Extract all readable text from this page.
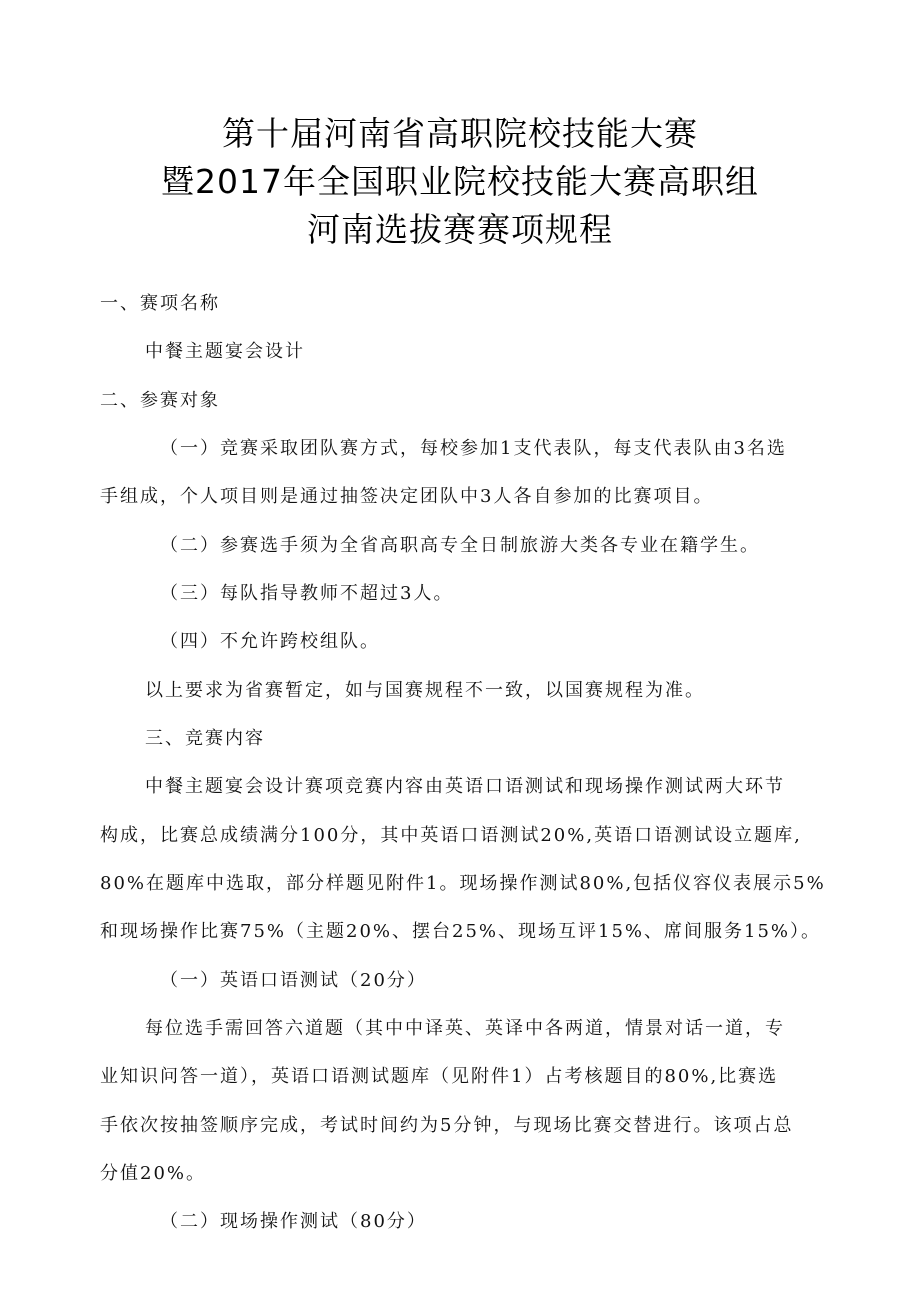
第十届河南省高职院校技能大赛
暨2017年全国职业院校技能大赛高职组
河南选拔赛赛项规程

一、赛项名称

中餐主题宴会设计

二、参赛对象

（一）竞赛采取团队赛方式，每校参加1支代表队，每支代表队由3名选

手组成，个人项目则是通过抽签决定团队中3人各自参加的比赛项目。

（二）参赛选手须为全省高职高专全日制旅游大类各专业在籍学生。

（三）每队指导教师不超过3人。

（四）不允许跨校组队。

以上要求为省赛暂定，如与国赛规程不一致，以国赛规程为准。

三、竞赛内容

中餐主题宴会设计赛项竞赛内容由英语口语测试和现场操作测试两大环节

构成，比赛总成绩满分100分，其中英语口语测试20%,英语口语测试设立题库,

80%在题库中选取，部分样题见附件1。现场操作测试80%,包括仪容仪表展示5%

和现场操作比赛75%（主题20%、摆台25%、现场互评15%、席间服务15%）。

（一）英语口语测试（20分）

每位选手需回答六道题（其中中译英、英译中各两道，情景对话一道，专

业知识问答一道），英语口语测试题库（见附件1）占考核题目的80%,比赛选

手依次按抽签顺序完成，考试时间约为5分钟，与现场比赛交替进行。该项占总

分值20%。

（二）现场操作测试（80分）
